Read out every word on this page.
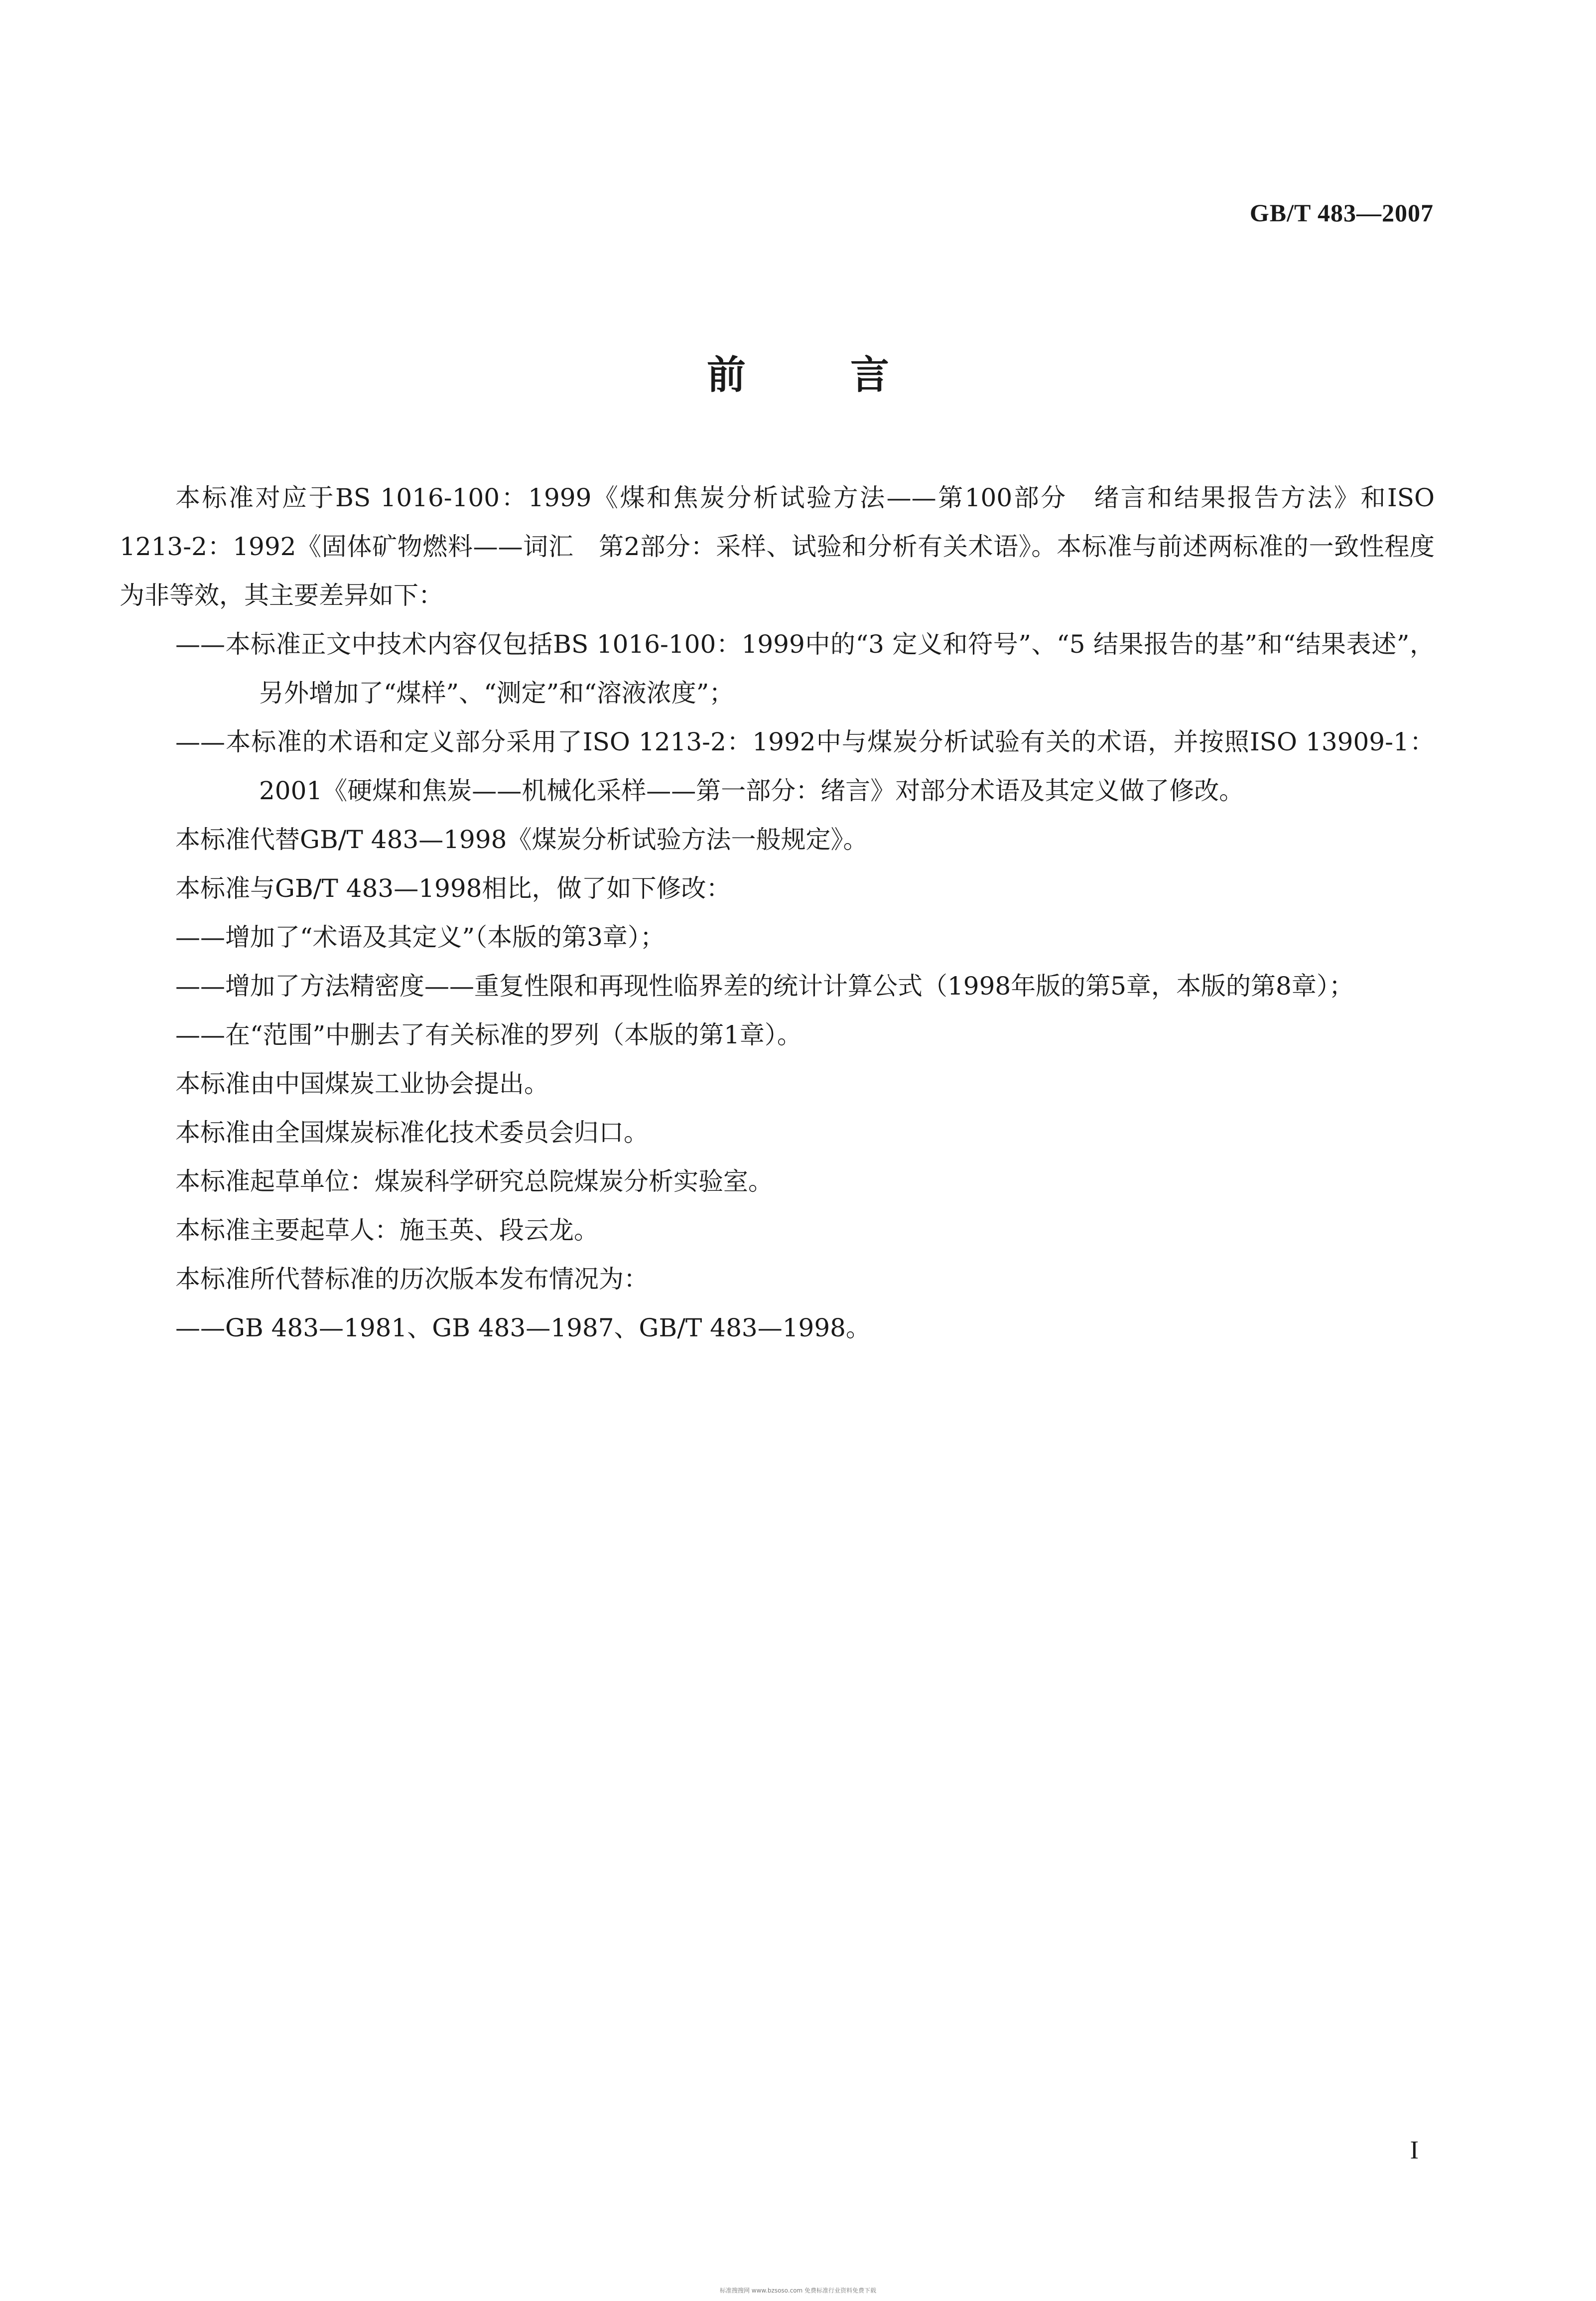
GB/T 483—2007
前言

本标准对应于BS 1016-100：1999《煤和焦炭分析试验方法——第100部分　绪言和结果报告方法》和ISO 1213-2：1992《固体矿物燃料——词汇　第2部分：采样、试验和分析有关术语》。本标准与前述两标准的一致性程度为非等效，其主要差异如下：

——本标准正文中技术内容仅包括BS 1016-100：1999中的“3 定义和符号”、“5 结果报告的基”和“结果表述”，另外增加了“煤样”、“测定”和“溶液浓度”；

——本标准的术语和定义部分采用了ISO 1213-2：1992中与煤炭分析试验有关的术语，并按照ISO 13909-1：2001《硬煤和焦炭——机械化采样——第一部分：绪言》对部分术语及其定义做了修改。

本标准代替GB/T 483—1998《煤炭分析试验方法一般规定》。

本标准与GB/T 483—1998相比，做了如下修改：

——增加了“术语及其定义”（本版的第3章）；

——增加了方法精密度——重复性限和再现性临界差的统计计算公式（1998年版的第5章，本版的第8章）；

——在“范围”中删去了有关标准的罗列（本版的第1章）。

本标准由中国煤炭工业协会提出。

本标准由全国煤炭标准化技术委员会归口。

本标准起草单位：煤炭科学研究总院煤炭分析实验室。

本标准主要起草人：施玉英、段云龙。

本标准所代替标准的历次版本发布情况为：

——GB 483—1981、GB 483—1987、GB/T 483—1998。

I
标准搜搜网 www.bzsoso.com 免费标准行业资料免费下载
